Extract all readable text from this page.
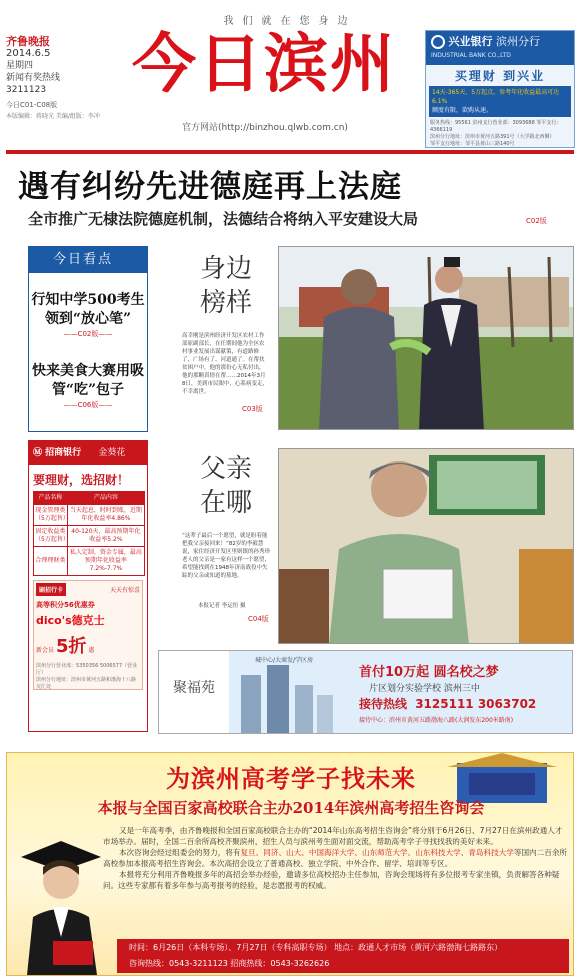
我们就在您身边
齐鲁晚报
2014.6.5
星期四
新闻有奖热线
3211123
今日C01-C08版
本版编辑：蒋晓光 美编/组版：李冲
今日滨州
官方网站(http://binzhou.qlwb.com.cn)
兴业银行 滨州分行
INDUSTRIAL BANK CO.,LTD
买理财 到兴业
14天-365天，5万起点，参考年化收益最高可达6.1%
额度有限，欲购从速。
服务热线：95561 滨州支行营业部：3093688 邹平支行：4366119
滨州分行地址：滨州市黄河五路391号（大学路北西侧）
邹平支行地址：邹平县黄山三路140号
遇有纠纷先进德庭再上法庭
全市推广无棣法院德庭机制，法德结合将纳入平安建设大局	C02版
今日看点
行知中学500考生领到“放心笔”
——C02版——
快来美食大赛用吸管“吃”包子
——C06版——
身边榜样
高幸刚是滨州经济开发区农村工作部原副部长，在任期间他为全区农村事业发展出谋献策，有道路修了、广场有了、河道通了。在帮扶贫困户中，他的那份心无私付出，他的那颗真情在帮……2014年3月8日，美到市民眼中，心系病变走，不幸离世。
C03版
父亲在哪
“这辈子最后一个愿望，就是盼着能把我父亲接回来！”82岁的李毅慧说，家住经济开发区里则镇的孙秀珍老人的父亲是一家有这样一个愿望，希望能找到在1948年济南战役中失踪的父亲或知道的墓地。
本报记者 李运恒 摄
C04版
Ⓜ 招商银行 金葵花
要理财，选招财！
产品名称	产品内容
现金管理类（5万起售）	当天起息，时时到账，近期年化收益率4.86%
固定收益类（5万起售）	40-120天，最高预期年化收益率5.2%
合理理财类	私人定制，资金专属，最高预期年化收益率7.2%-7.7%
刷招行卡	天天有惊喜
高等积分56优惠券
dico's德克士
新会员 5折 惠
滨州分行营业部：5350356 5006577（营业厅）
滨州分行地址：滨州市黄河五路和渤海十八路交汇处	聚福苑
城中心/大商发/学区房
首付10万起 圆名校之梦
片区划分实验学校 滨州三中
接待热线 3125111 3063702
接待中心：滨州市黄河五路渤海八路(大润发东200米路南)
为滨州高考学子找未来
本报与全国百家高校联合主办2014年滨州高考招生咨询会

又是一年高考季，由齐鲁晚报和全国百家高校联合主办的“2014年山东高考招生咨询会”将分别于6月26日、7月27日在滨州政通人才市场举办。届时，全国二百余所高校齐聚滨州，招生人员与滨州考生面对面交流，帮助高考学子寻找找我的美好未来。

本次咨询会经过组委会的努力，将有复旦、同济、山大、中国海洋大学、山东师范大学、山东科技大学、青岛科技大学等国内二百余所高校参加本报高考招生咨询会。本次高招会设立了普通高校、独立学院、中外合作、留学、培训等专区。

本报将充分利用齐鲁晚报多年的高招会举办经验，邀请多位高校招办主任参加，咨询会现场将有多位报考专家坐镇，负责解答各种疑问。这些专家都有着多年参与高考报考的经验，是志愿报考的权威。

时间：6月26日（本科专场）、7月27日（专科高职专场） 地点：政通人才市场（黄河六路渤海七路路东）
咨询热线：0543-3211123 招商热线：0543-3262626
